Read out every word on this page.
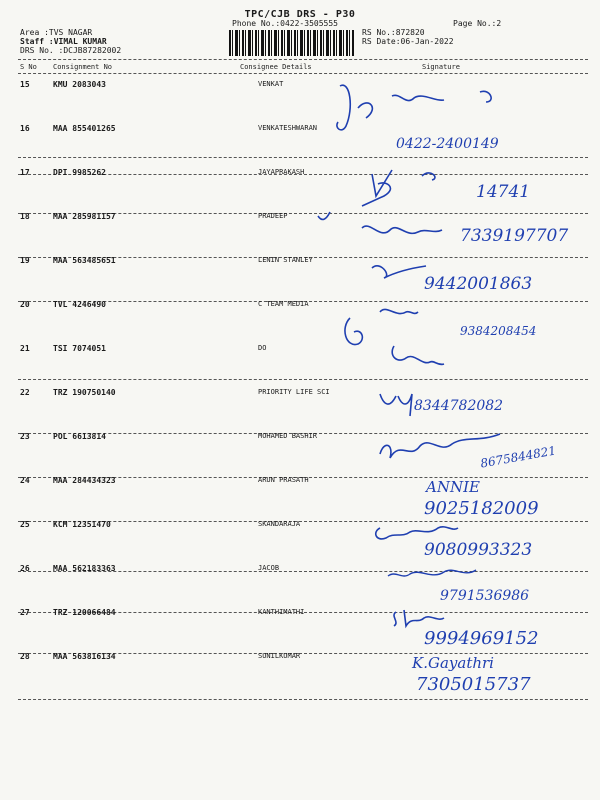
TPC/CJB DRS - P30
Phone No.:0422-3505555
Area :TVS NAGAR
Staff :VIMAL KUMAR
DRS No. :DCJB87282002
RS No.:872820
RS Date:06-Jan-2022
Page No.:2
S No Consignment No	Consignee Details	Signature
15	KMU 2083043	VENKAT
0422-2400149
16	MAA 855401265	VENKATESHWARAN
17	DPI 9985262	JAYAPRAKASH
14741
18	MAA 285981157	PRADEEP
7339197707
19	MAA 563485651	LENIN STANLEY
9442001863
20	TVL 4246490	C TEAM MEDIA
9384208454
21	TSI 7074051	DO
22	TRZ 190750140	PRIORITY LIFE SCI
8344782082
23	POL 6613814	MOHAMED BASHIR
8675844821
24	MAA 284434323	ARUN PRASATH	ANNIE
9025182009
25	KCM 12351470	SKANDARAJA
9080993323
26	MAA 562183363	JACOB
9791536986
27	TRZ 120066484	KANTHIMATHI
9994969152
28	MAA 563816134	SUNILKUMAR	K.Gayathri
7305015737
